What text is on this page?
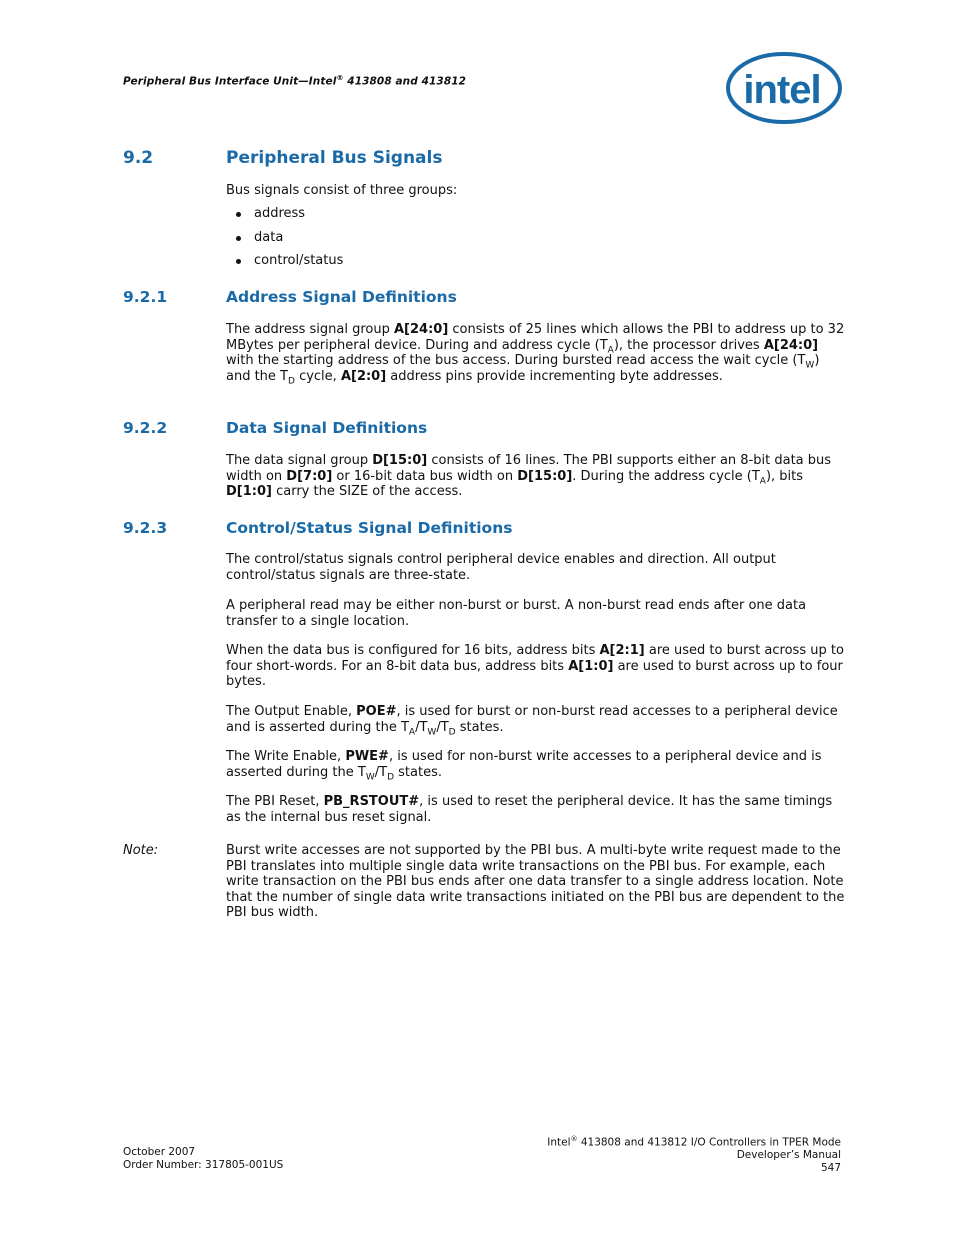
Peripheral Bus Interface Unit—Intel® 413808 and 413812	intel
9.2	Peripheral Bus Signals

Bus signals consist of three groups:

address
data
control/status
9.2.1	Address Signal Definitions

The address signal group A[24:0] consists of 25 lines which allows the PBI to address up to 32 MBytes per peripheral device. During and address cycle $(T_A)$, the processor drives A[24:0] with the starting address of the bus access. During bursted read access the wait cycle $(T_W)$ and the $T_D$ cycle, A[2:0] address pins provide incrementing byte addresses.

9.2.2	Data Signal Definitions

The data signal group D[15:0] consists of 16 lines. The PBI supports either an 8-bit data bus width on D[7:0] or 16-bit data bus width on D[15:0]. During the address cycle $(T_A)$, bits D[1:0] carry the SIZE of the access.

9.2.3	Control/Status Signal Definitions

The control/status signals control peripheral device enables and direction. All output control/status signals are three-state.

A peripheral read may be either non-burst or burst. A non-burst read ends after one data transfer to a single location.

When the data bus is configured for 16 bits, address bits A[2:1] are used to burst across up to four short-words. For an 8-bit data bus, address bits A[1:0] are used to burst across up to four bytes.

The Output Enable, POE#, is used for burst or non-burst read accesses to a peripheral device and is asserted during the $T_A/T_W/T_D$ states.

The Write Enable, PWE#, is used for non-burst write accesses to a peripheral device and is asserted during the $T_W/T_D$ states.

The PBI Reset, PB_RSTOUT#, is used to reset the peripheral device. It has the same timings as the internal bus reset signal.

Note:	Burst write accesses are not supported by the PBI bus. A multi-byte write request made to the PBI translates into multiple single data write transactions on the PBI bus. For example, each write transaction on the PBI bus ends after one data transfer to a single address location. Note that the number of single data write transactions initiated on the PBI bus are dependent to the PBI bus width.

October 2007
Order Number: 317805-001US
Intel® 413808 and 413812 I/O Controllers in TPER Mode
Developer’s Manual
547
